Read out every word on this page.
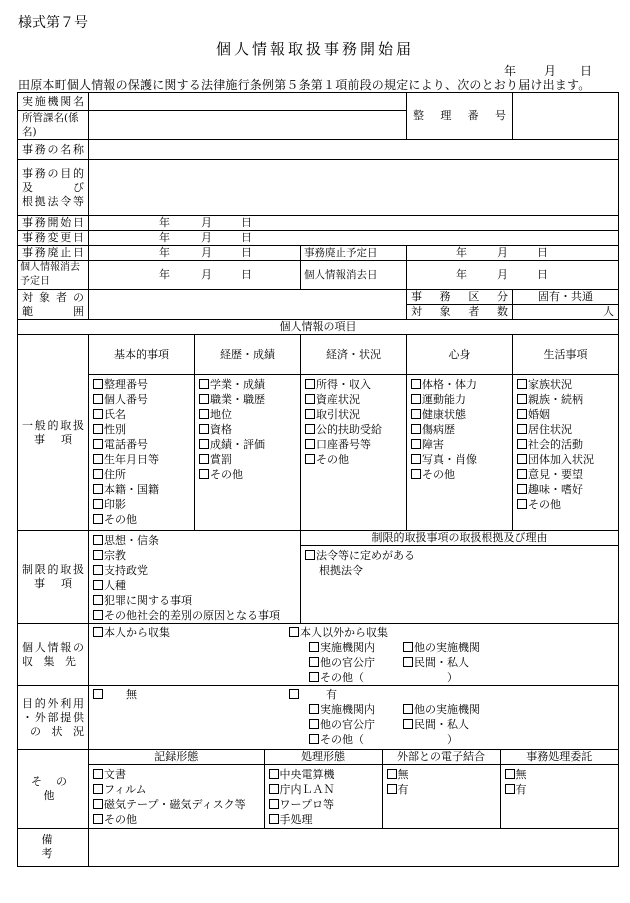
様式第７号
個人情報取扱事務開始届
年 月 日
田原本町個人情報の保護に関する法律施行条例第５条第１項前段の規定により、次のとおり届け出ます。
実施機関名		
整理番号

所管課名(係名)	
事務の名称	

事務の目的
及び
根拠法令等

事務開始日	年	月	日

事務変更日	年	月	日

事務廃止日	年	月	日	事務廃止予定日	年	月	日

個人情報消去予定日	
年	月	日	個人情報消去日	年	月	日

対象者の
範囲
		事務区分	固有・共通
対象者数	人
個人情報の項目

一般的取扱
事項
	基本的事項	経歴・成績	経済・状況	心身	生活事項

整理番号
個人番号
氏名
性別
電話番号
生年月日等
住所
本籍・国籍
印影
その他

学業・成績
職業・職歴
地位
資格
成績・評価
賞罰
その他

所得・収入
資産状況
取引状況
公的扶助受給
口座番号等
その他

体格・体力
運動能力
健康状態
傷病歴
障害
写真・肖像
その他

家族状況
親族・続柄
婚姻
居住状況
社会的活動
団体加入状況
意見・要望
趣味・嗜好
その他

制限的取扱
事項

思想・信条
宗教
支持政党
人種
犯罪に関する事項
その他社会的差別の原因となる事項

制限的取扱事項の取扱根拠及び理由
法令等に定めがある
根拠法令

個人情報の
収集先

本人から収集	本人以外から収集
実施機関内	他の実施機関
他の官公庁	民間・私人
その他（	）

目的外利用
・外部提供
の状況

無	有
実施機関内	他の実施機関
他の官公庁	民間・私人
その他（	）

その他	
記録形態	処理形態	外部との電子結合	事務処理委託

文書
フィルム
磁気テープ・磁気ディスク等
その他

中央電算機
庁内ＬＡＮ
ワープロ等
手処理

無
有

無
有

備考	
